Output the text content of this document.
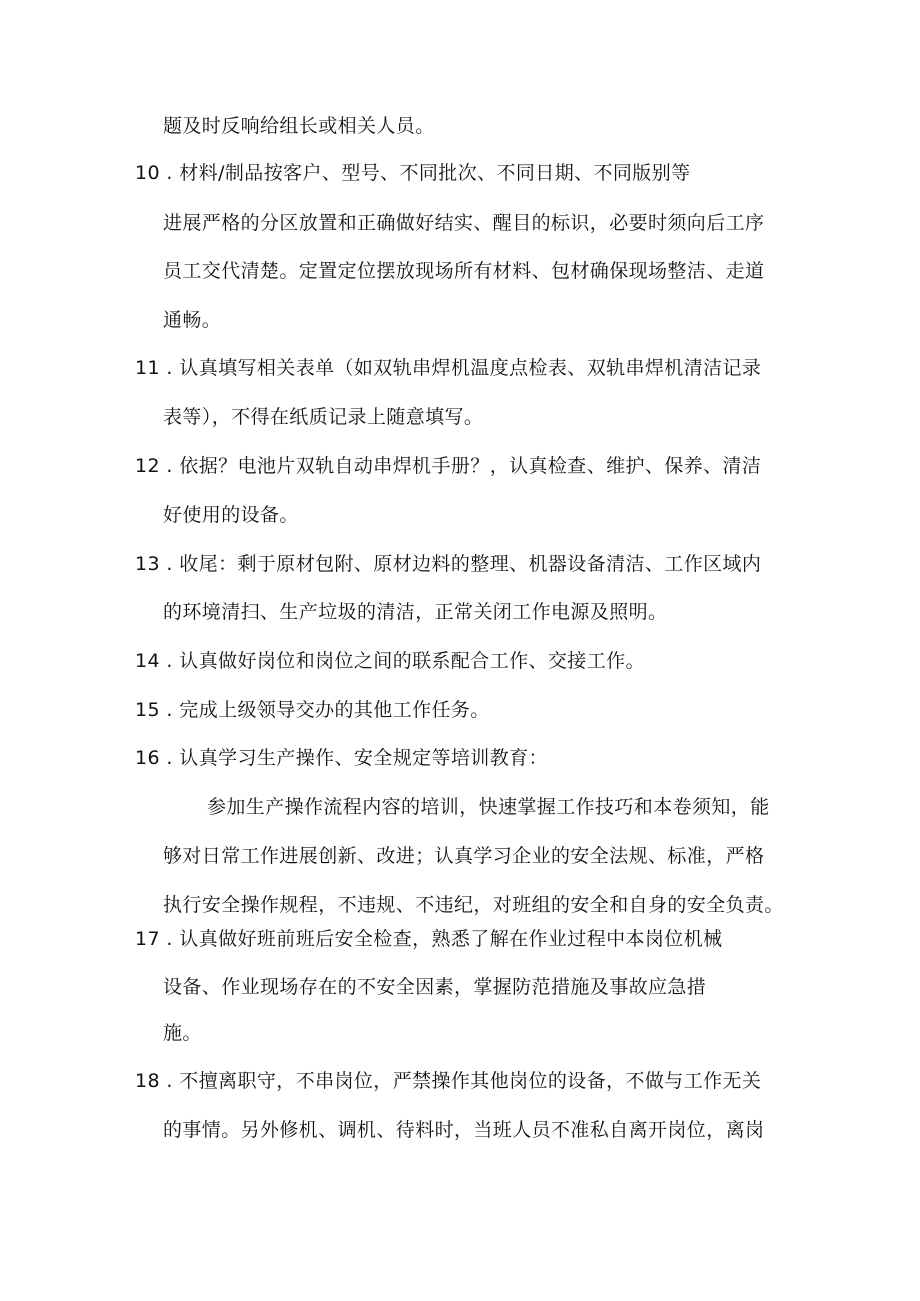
题及时反响给组长或相关人员。
10 . 材料/制品按客户、型号、不同批次、不同日期、不同版别等
进展严格的分区放置和正确做好结实、醒目的标识，必要时须向后工序
员工交代清楚。定置定位摆放现场所有材料、包材确保现场整洁、走道
通畅。
11 . 认真填写相关表单（如双轨串焊机温度点检表、双轨串焊机清洁记录
表等），不得在纸质记录上随意填写。
12 . 依据？电池片双轨自动串焊机手册？，认真检查、维护、保养、清洁
好使用的设备。
13 . 收尾：剩于原材包附、原材边料的整理、机器设备清洁、工作区域内
的环境清扫、生产垃圾的清洁，正常关闭工作电源及照明。
14 . 认真做好岗位和岗位之间的联系配合工作、交接工作。
15 . 完成上级领导交办的其他工作任务。
16 . 认真学习生产操作、安全规定等培训教育：
参加生产操作流程内容的培训，快速掌握工作技巧和本卷须知，能
够对日常工作进展创新、改进；认真学习企业的安全法规、标准，严格
执行安全操作规程，不违规、不违纪，对班组的安全和自身的安全负责。
17 . 认真做好班前班后安全检查，熟悉了解在作业过程中本岗位机械
设备、作业现场存在的不安全因素，掌握防范措施及事故应急措
施。
18 . 不擅离职守，不串岗位，严禁操作其他岗位的设备，不做与工作无关
的事情。另外修机、调机、待料时，当班人员不准私自离开岗位，离岗
